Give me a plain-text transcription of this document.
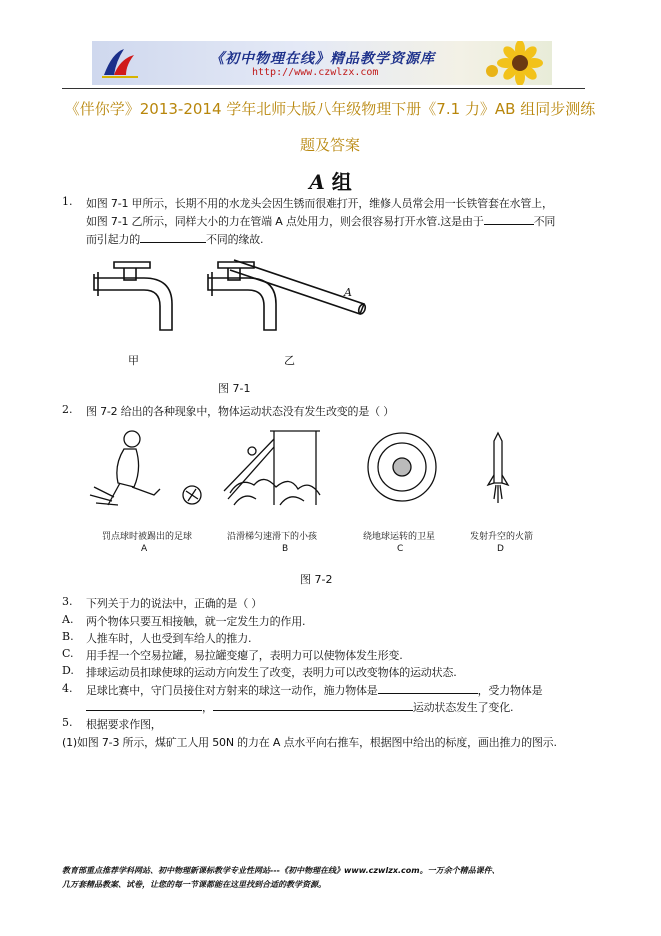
《初中物理在线》精品教学资源库
http://www.czwlzx.com
《伴你学》2013-2014 学年北师大版八年级物理下册《7.1 力》AB 组同步测练
题及答案
A 组
1. 如图 7-1 甲所示，长期不用的水龙头会因生锈而很难打开，维修人员常会用一长铁管套在水管上，
如图 7-1 乙所示，同样大小的力在管端 A 点处用力，则会很容易打开水管.这是由于	不同
而引起力的	不同的缘故.
A
甲	乙
图 7-1
2. 图 7-2 给出的各种现象中，物体运动状态没有发生改变的是（ ）
罚点球时被踢出的足球
A
沿滑梯匀速滑下的小孩
B
绕地球运转的卫星
C
发射升空的火箭
D
图 7-2
3. 下列关于力的说法中，正确的是（ ）
A. 两个物体只要互相接触，就一定发生力的作用.
B. 人推车时，人也受到车给人的推力.
C. 用手捏一个空易拉罐，易拉罐变瘪了，表明力可以使物体发生形变.
D. 排球运动员扣球使球的运动方向发生了改变，表明力可以改变物体的运动状态.
4. 足球比赛中，守门员接住对方射来的球这一动作，施力物体是	，受力物体是
，	运动状态发生了变化.
5. 根据要求作图，
(1)如图 7-3 所示，煤矿工人用 50N 的力在 A 点水平向右推车，根据图中给出的标度，画出推力的图示.
教育部重点推荐学科网站、初中物理新课标教学专业性网站---《初中物理在线》www.czwlzx.com。一万余个精品课件、
几万套精品教案、试卷，让您的每一节课都能在这里找到合适的教学资源。
